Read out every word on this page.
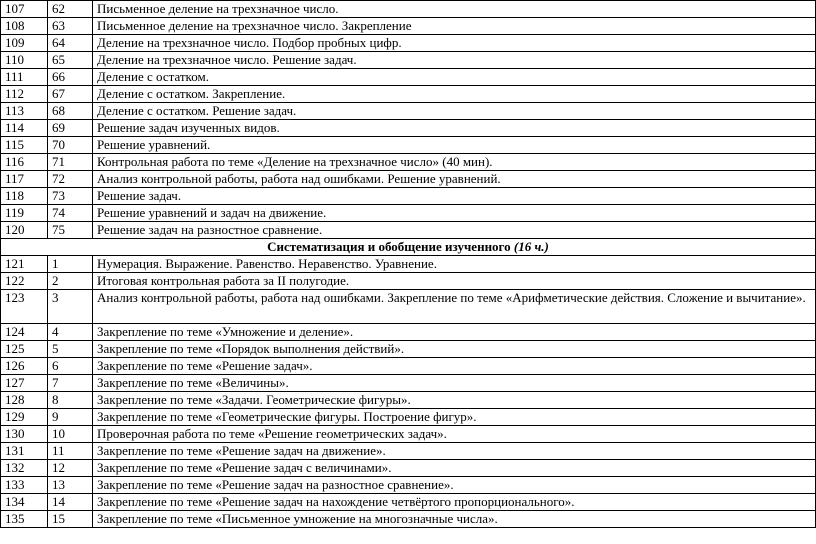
107	62	Письменное деление на трехзначное число.
108	63	Письменное деление на трехзначное число. Закрепление
109	64	Деление на трехзначное число. Подбор пробных цифр.
110	65	Деление на трехзначное число. Решение задач.
111	66	Деление с остатком.
112	67	Деление с остатком. Закрепление.
113	68	Деление с остатком. Решение задач.
114	69	Решение задач изученных видов.
115	70	Решение уравнений.
116	71	Контрольная работа по теме «Деление на трехзначное число» (40 мин).
117	72	Анализ контрольной работы, работа над ошибками. Решение уравнений.
118	73	Решение задач.
119	74	Решение уравнений и задач на движение.
120	75	Решение задач на разностное сравнение.
Систематизация и обобщение изученного (16 ч.)		
121	1	Нумерация. Выражение. Равенство. Неравенство. Уравнение.
122	2	Итоговая контрольная работа за II полугодие.
123	3	Анализ контрольной работы, работа над ошибками. Закрепление по теме «Арифметические действия. Сложение и вычитание».
124	4	Закрепление по теме «Умножение и деление».
125	5	Закрепление по теме «Порядок выполнения действий».
126	6	Закрепление по теме «Решение задач».
127	7	Закрепление по теме «Величины».
128	8	Закрепление по теме «Задачи. Геометрические фигуры».
129	9	Закрепление по теме «Геометрические фигуры. Построение фигур».
130	10	Проверочная работа по теме «Решение геометрических задач».
131	11	Закрепление по теме «Решение задач на движение».
132	12	Закрепление по теме «Решение задач с величинами».
133	13	Закрепление по теме «Решение задач на разностное сравнение».
134	14	Закрепление по теме «Решение задач на нахождение четвёртого пропорционального».
135	15	Закрепление по теме «Письменное умножение на многозначные числа».
